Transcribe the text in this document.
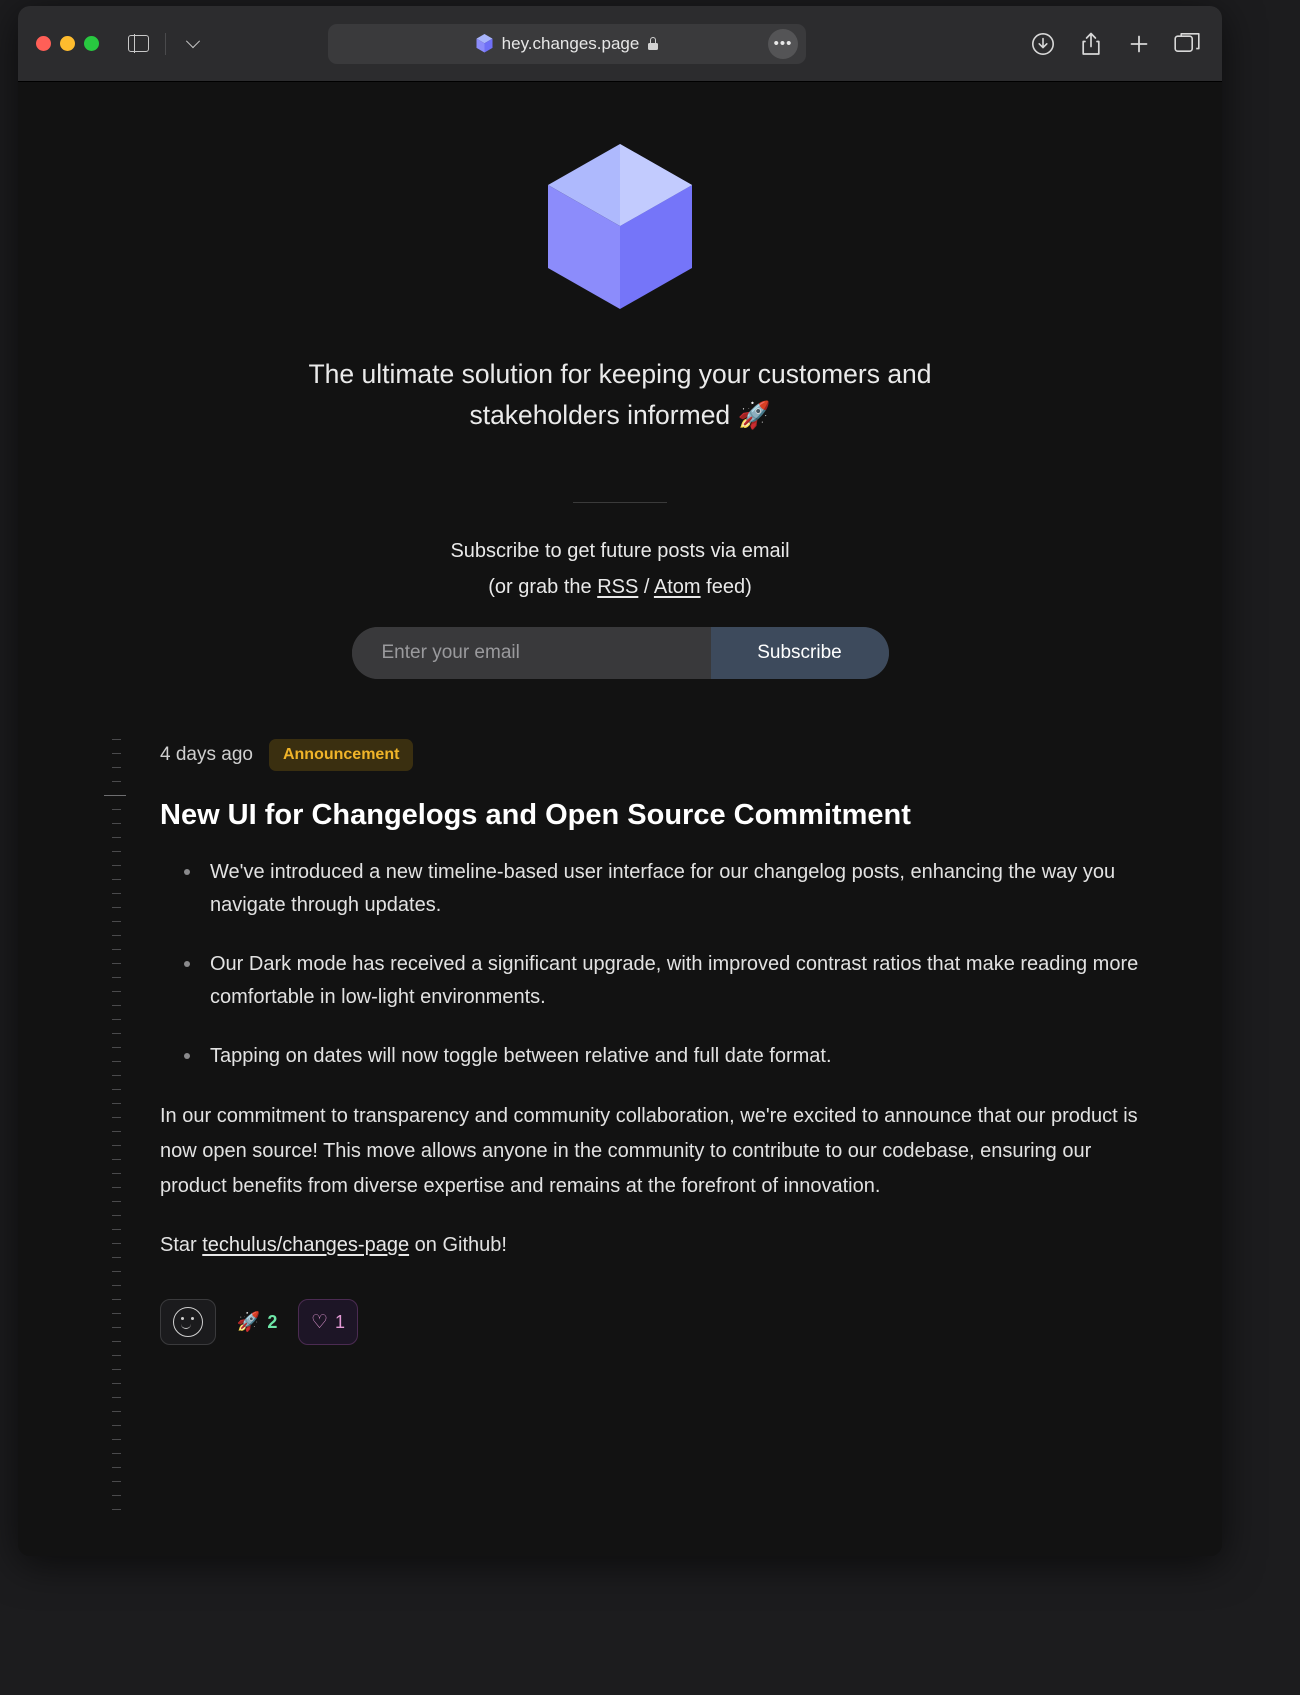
hey.changes.page	•••
The ultimate solution for keeping your customers and stakeholders informed 🚀
Subscribe to get future posts via email
(or grab the RSS / Atom feed)
Enter your email
Subscribe
4 days ago	Announcement
New UI for Changelogs and Open Source Commitment
We've introduced a new timeline-based user interface for our changelog posts, enhancing the way you navigate through updates.
Our Dark mode has received a significant upgrade, with improved contrast ratios that make reading more comfortable in low-light environments.
Tapping on dates will now toggle between relative and full date format.

In our commitment to transparency and community collaboration, we're excited to announce that our product is now open source! This move allows anyone in the community to contribute to our codebase, ensuring our product benefits from diverse expertise and remains at the forefront of innovation.

Star techulus/changes-page on Github!

🚀 2 ♡ 1
